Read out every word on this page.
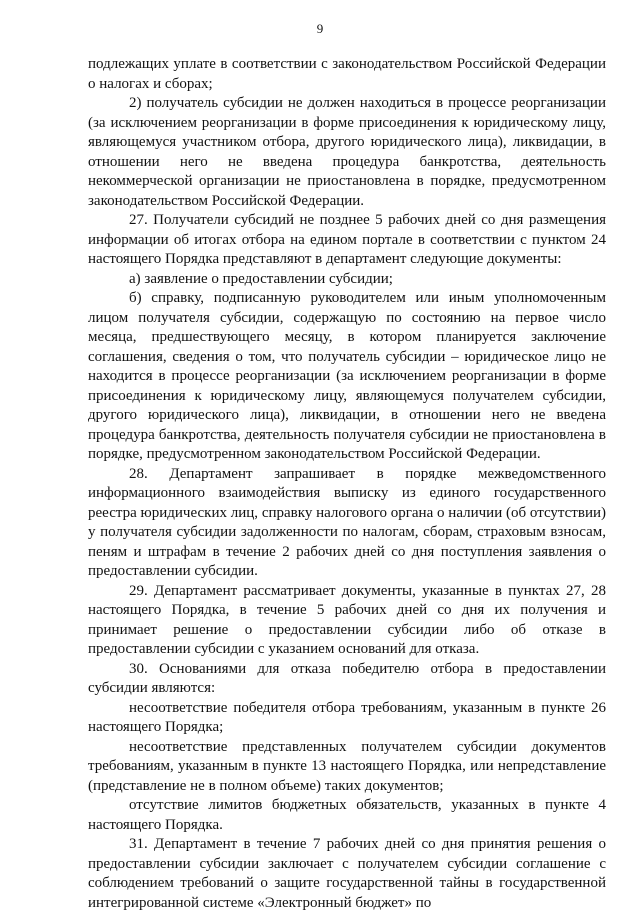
9

подлежащих уплате в соответствии с законодательством Российской Федерации о налогах и сборах;

2) получатель субсидии не должен находиться в процессе реорганизации (за исключением реорганизации в форме присоединения к юридическому лицу, являющемуся участником отбора, другого юридического лица), ликвидации, в отношении него не введена процедура банкротства, деятельность некоммерческой организации не приостановлена в порядке, предусмотренном законодательством Российской Федерации.

27. Получатели субсидий не позднее 5 рабочих дней со дня размещения информации об итогах отбора на едином портале в соответствии с пунктом 24 настоящего Порядка представляют в департамент следующие документы:

а) заявление о предоставлении субсидии;

б) справку, подписанную руководителем или иным уполномоченным лицом получателя субсидии, содержащую по состоянию на первое число месяца, предшествующего месяцу, в котором планируется заключение соглашения, сведения о том, что получатель субсидии – юридическое лицо не находится в процессе реорганизации (за исключением реорганизации в форме присоединения к юридическому лицу, являющемуся получателем субсидии, другого юридического лица), ликвидации, в отношении него не введена процедура банкротства, деятельность получателя субсидии не приостановлена в порядке, предусмотренном законодательством Российской Федерации.

28. Департамент запрашивает в порядке межведомственного информационного взаимодействия выписку из единого государственного реестра юридических лиц, справку налогового органа о наличии (об отсутствии) у получателя субсидии задолженности по налогам, сборам, страховым взносам, пеням и штрафам в течение 2 рабочих дней со дня поступления заявления о предоставлении субсидии.

29. Департамент рассматривает документы, указанные в пунктах 27, 28 настоящего Порядка, в течение 5 рабочих дней со дня их получения и принимает решение о предоставлении субсидии либо об отказе в предоставлении субсидии с указанием оснований для отказа.

30. Основаниями для отказа победителю отбора в предоставлении субсидии являются:

несоответствие победителя отбора требованиям, указанным в пункте 26 настоящего Порядка;

несоответствие представленных получателем субсидии документов требованиям, указанным в пункте 13 настоящего Порядка, или непредставление (представление не в полном объеме) таких документов;

отсутствие лимитов бюджетных обязательств, указанных в пункте 4 настоящего Порядка.

31. Департамент в течение 7 рабочих дней со дня принятия решения о предоставлении субсидии заключает с получателем субсидии соглашение с соблюдением требований о защите государственной тайны в государственной интегрированной системе «Электронный бюджет» по
